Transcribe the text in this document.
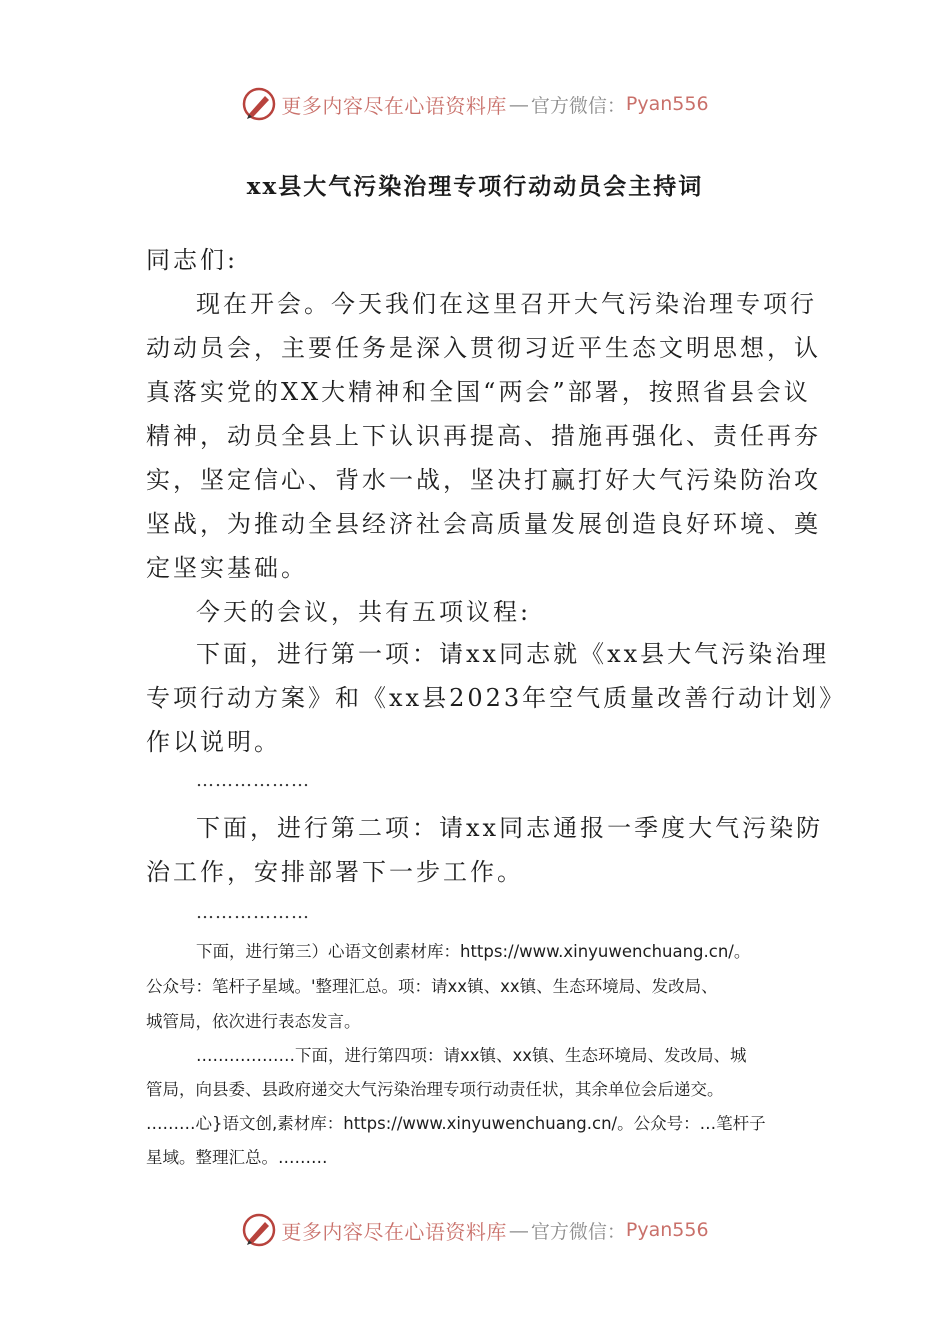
更多内容尽在心语资料库 — 官方微信： Pyan556
xx县大气污染治理专项行动动员会主持词
同志们:
现在开会。今天我们在这里召开大气污染治理专项行
动动员会，主要任务是深入贯彻习近平生态文明思想，认
真落实党的XX大精神和全国“两会”部署，按照省县会议
精神，动员全县上下认识再提高、措施再强化、责任再夯
实，坚定信心、背水一战，坚决打赢打好大气污染防治攻
坚战，为推动全县经济社会高质量发展创造良好环境、奠
定坚实基础。
今天的会议，共有五项议程:
下面，进行第一项：请xx同志就《xx县大气污染治理
专项行动方案》和《xx县2023年空气质量改善行动计划》
作以说明。
………………
下面，进行第二项：请xx同志通报一季度大气污染防
治工作，安排部署下一步工作。
………………
下面，进行第三）心语文创素材库：https://www.xinyuwenchuang.cn/。
公众号：笔杆子星域。'整理汇总。项：请xx镇、xx镇、生态环境局、发改局、
城管局，依次进行表态发言。
………………下面，进行第四项：请xx镇、xx镇、生态环境局、发改局、城
管局，向县委、县政府递交大气污染治理专项行动责任状，其余单位会后递交。
………心}语文创,素材库：https://www.xinyuwenchuang.cn/。公众号：…笔杆子
星域。整理汇总。………
更多内容尽在心语资料库 — 官方微信： Pyan556
